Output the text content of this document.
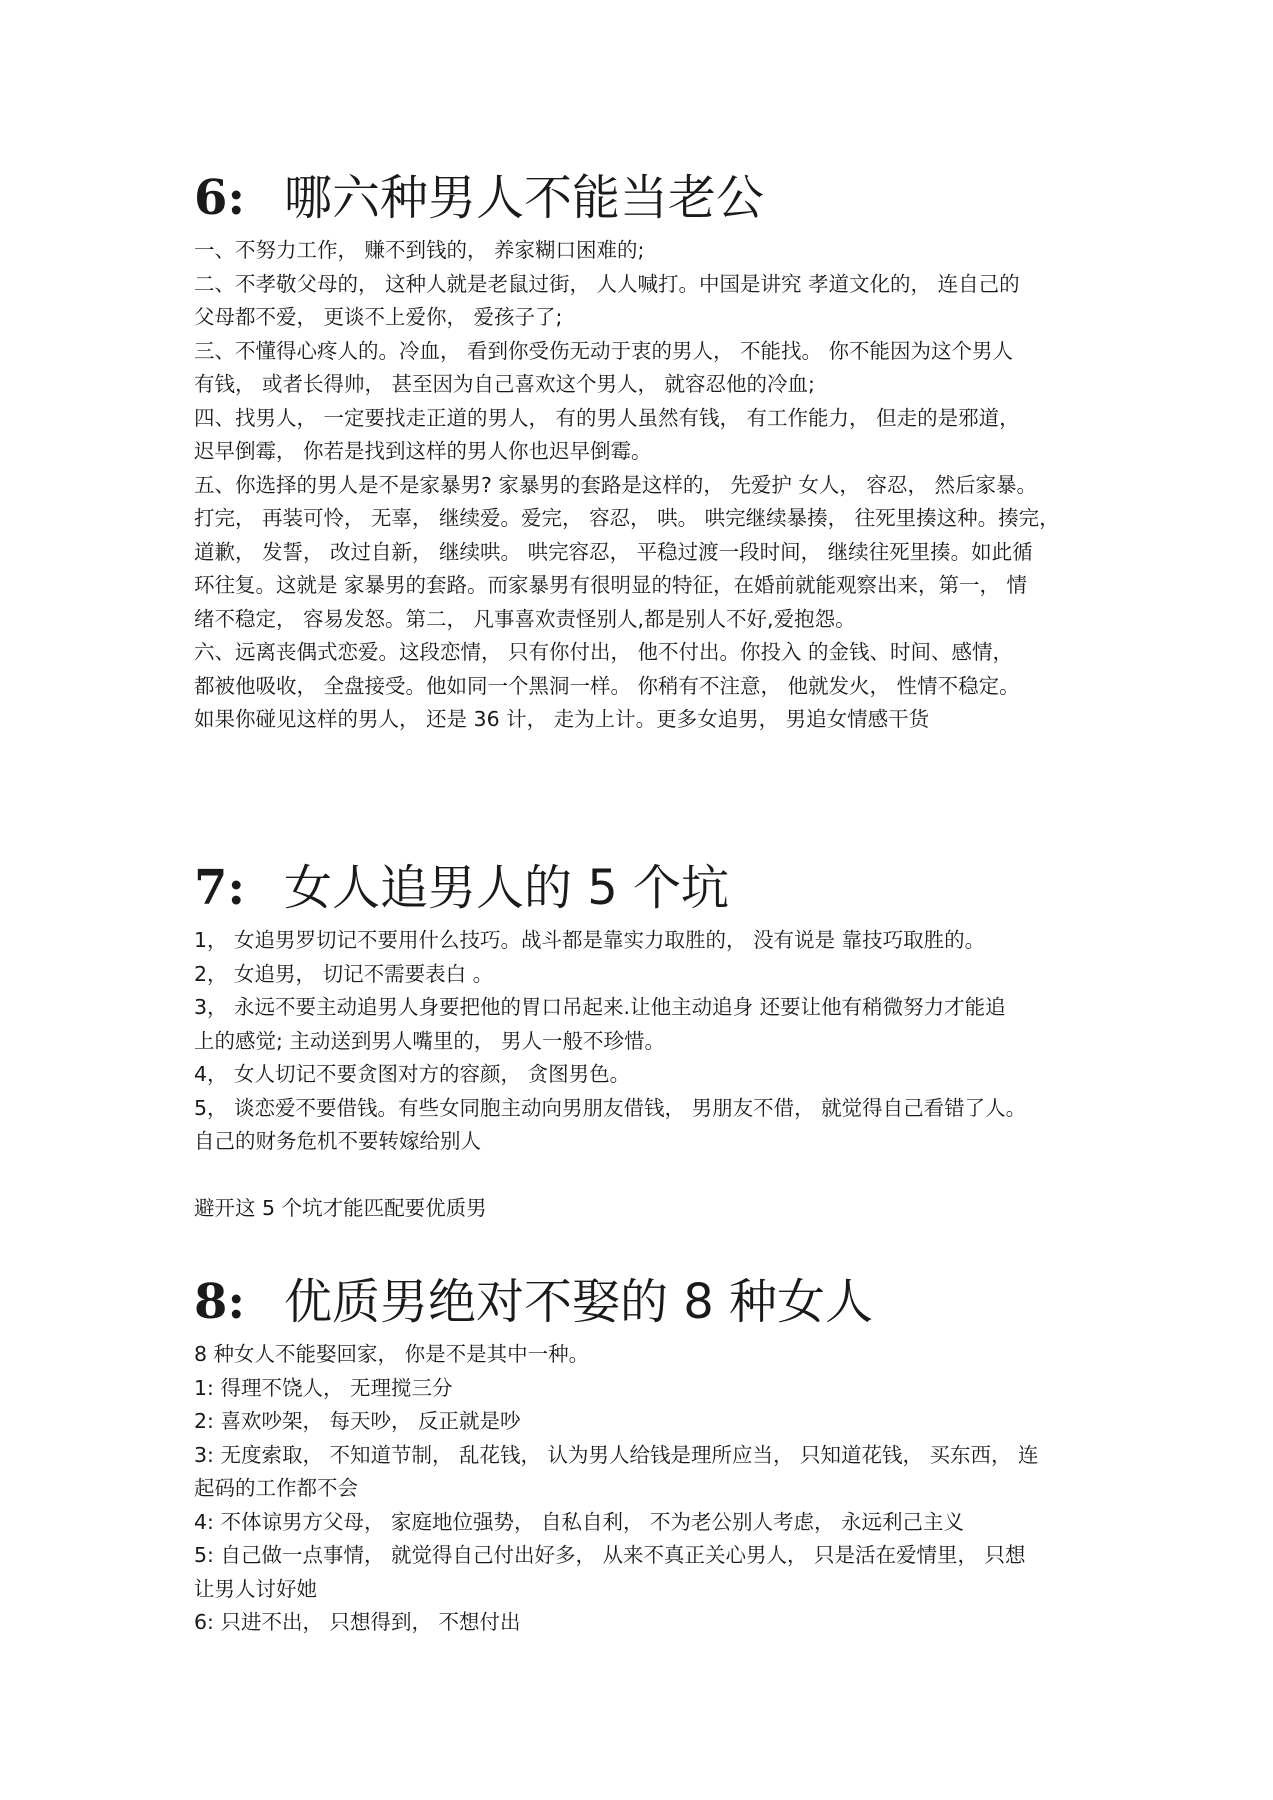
6: 哪六种男人不能当老公

一、不努力工作， 赚不到钱的， 养家糊口困难的;

二、不孝敬父母的， 这种人就是老鼠过街， 人人喊打。中国是讲究 孝道文化的， 连自己的

父母都不爱， 更谈不上爱你， 爱孩子了;

三、不懂得心疼人的。冷血， 看到你受伤无动于衷的男人， 不能找。 你不能因为这个男人

有钱， 或者长得帅， 甚至因为自己喜欢这个男人， 就容忍他的冷血;

四、找男人， 一定要找走正道的男人， 有的男人虽然有钱， 有工作能力， 但走的是邪道，

迟早倒霉， 你若是找到这样的男人你也迟早倒霉。

五、你选择的男人是不是家暴男? 家暴男的套路是这样的， 先爱护 女人， 容忍， 然后家暴。

打完， 再装可怜， 无辜， 继续爱。爱完， 容忍， 哄。 哄完继续暴揍， 往死里揍这种。揍完，

道歉， 发誓， 改过自新， 继续哄。 哄完容忍， 平稳过渡一段时间， 继续往死里揍。如此循

环往复。这就是 家暴男的套路。而家暴男有很明显的特征，在婚前就能观察出来，第一， 情

绪不稳定， 容易发怒。第二， 凡事喜欢责怪别人,都是别人不好,爱抱怨。

六、远离丧偶式恋爱。这段恋情， 只有你付出， 他不付出。你投入 的金钱、时间、感情，

都被他吸收， 全盘接受。他如同一个黑洞一样。 你稍有不注意， 他就发火， 性情不稳定。

如果你碰见这样的男人， 还是 36 计， 走为上计。更多女追男， 男追女情感干货

7: 女人追男人的 5 个坑

1， 女追男罗切记不要用什么技巧。战斗都是靠实力取胜的， 没有说是 靠技巧取胜的。

2， 女追男， 切记不需要表白 。

3， 永远不要主动追男人身要把他的胃口吊起来.让他主动追身 还要让他有稍微努力才能追

上的感觉; 主动送到男人嘴里的， 男人一般不珍惜。

4， 女人切记不要贪图对方的容颜， 贪图男色。

5， 谈恋爱不要借钱。有些女同胞主动向男朋友借钱， 男朋友不借， 就觉得自己看错了人。

自己的财务危机不要转嫁给别人

避开这 5 个坑才能匹配要优质男

8: 优质男绝对不娶的 8 种女人

8 种女人不能娶回家， 你是不是其中一种。

1: 得理不饶人， 无理搅三分

2: 喜欢吵架， 每天吵， 反正就是吵

3: 无度索取， 不知道节制， 乱花钱， 认为男人给钱是理所应当， 只知道花钱， 买东西， 连

起码的工作都不会

4: 不体谅男方父母， 家庭地位强势， 自私自利， 不为老公别人考虑， 永远利己主义

5: 自己做一点事情， 就觉得自己付出好多， 从来不真正关心男人， 只是活在爱情里， 只想

让男人讨好她

6: 只进不出， 只想得到， 不想付出
